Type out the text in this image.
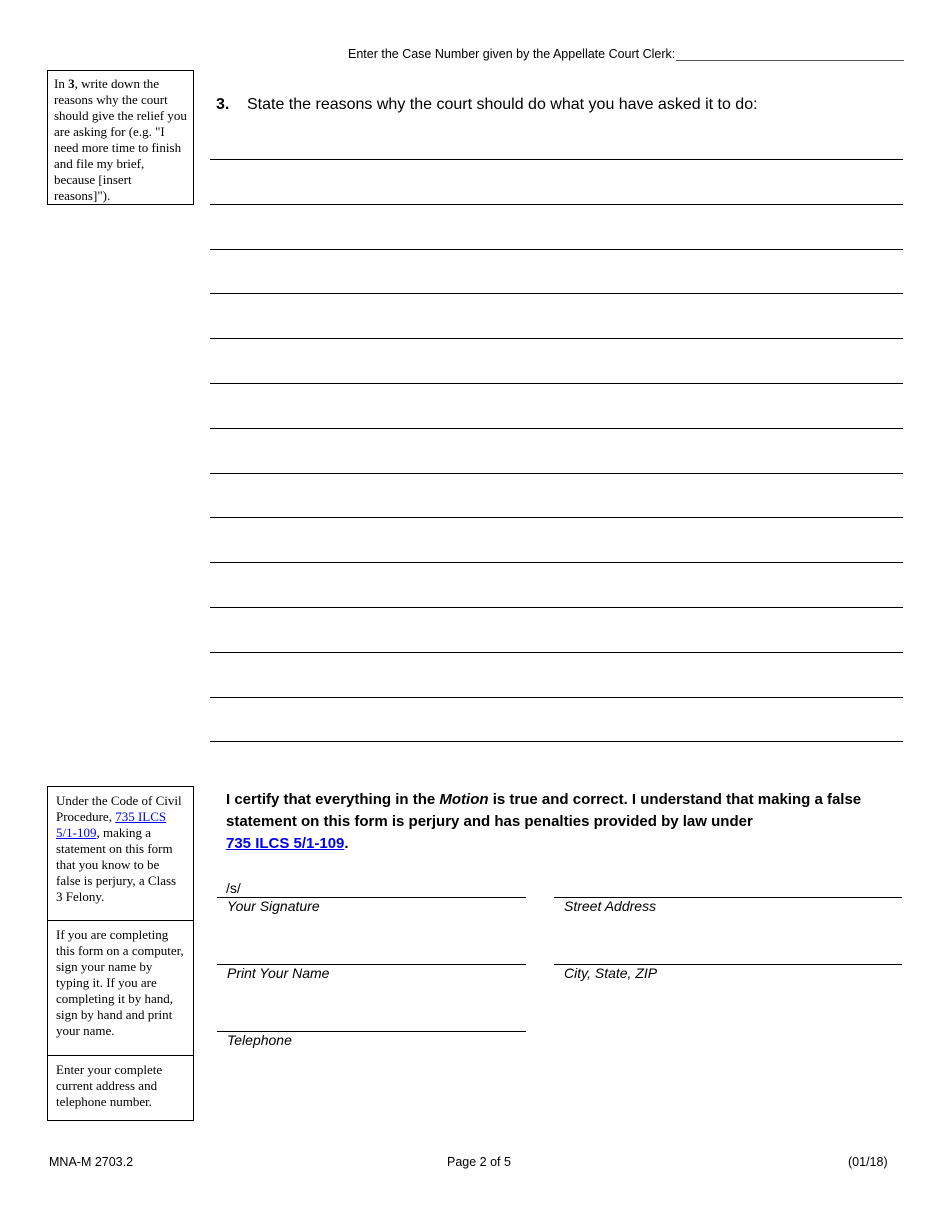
Enter the Case Number given by the Appellate Court Clerk:
In 3, write down the reasons why the court should give the relief you are asking for (e.g. "I need more time to finish and file my brief, because [insert reasons]").
3.	State the reasons why the court should do what you have asked it to do:
Under the Code of Civil Procedure, 735 ILCS 5/1-109, making a statement on this form that you know to be false is perjury, a Class 3 Felony.
If you are completing this form on a computer, sign your name by typing it. If you are completing it by hand, sign by hand and print your name.
Enter your complete current address and telephone number.
I certify that everything in the Motion is true and correct. I understand that making a false statement on this form is perjury and has penalties provided by law under
735 ILCS 5/1-109.
/s/
Your Signature
Print Your Name
Telephone
Street Address
City, State, ZIP
MNA-M 2703.2	Page 2 of 5	(01/18)
